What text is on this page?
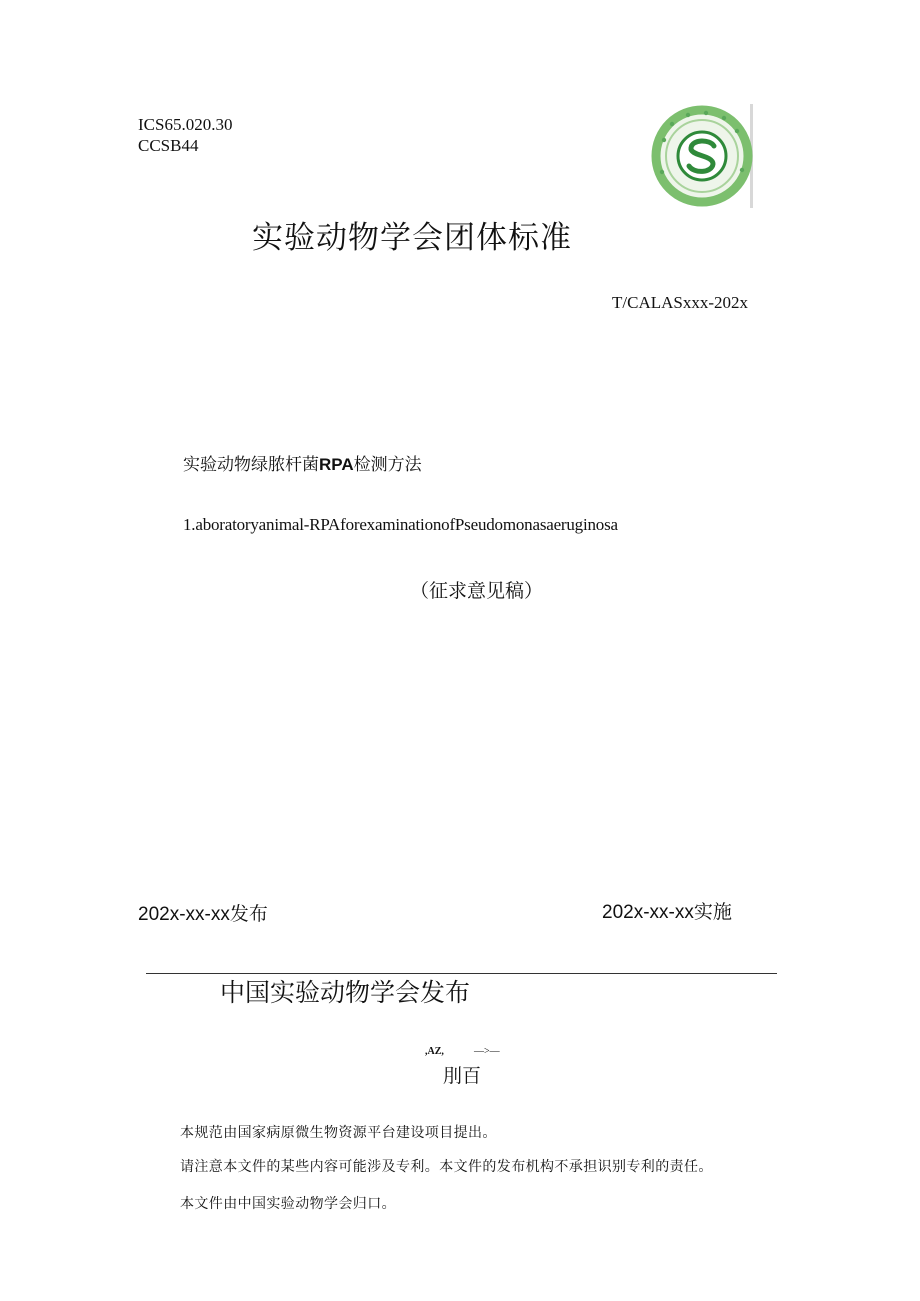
ICS65.020.30
CCSB44
实验动物学会团体标准
T/CALASxxx-202x
实验动物绿脓杆菌RPA检测方法
1.aboratoryanimal-RPAforexaminationofPseudomonasaeruginosa
（征求意见稿）
202x-xx-xx发布	202x-xx-xx实施
中国实验动物学会发布
,AZ,	—>—
刖百
本规范由国家病原微生物资源平台建设项目提出。
请注意本文件的某些内容可能涉及专利。本文件的发布机构不承担识别专利的责任。
本文件由中国实验动物学会归口。
